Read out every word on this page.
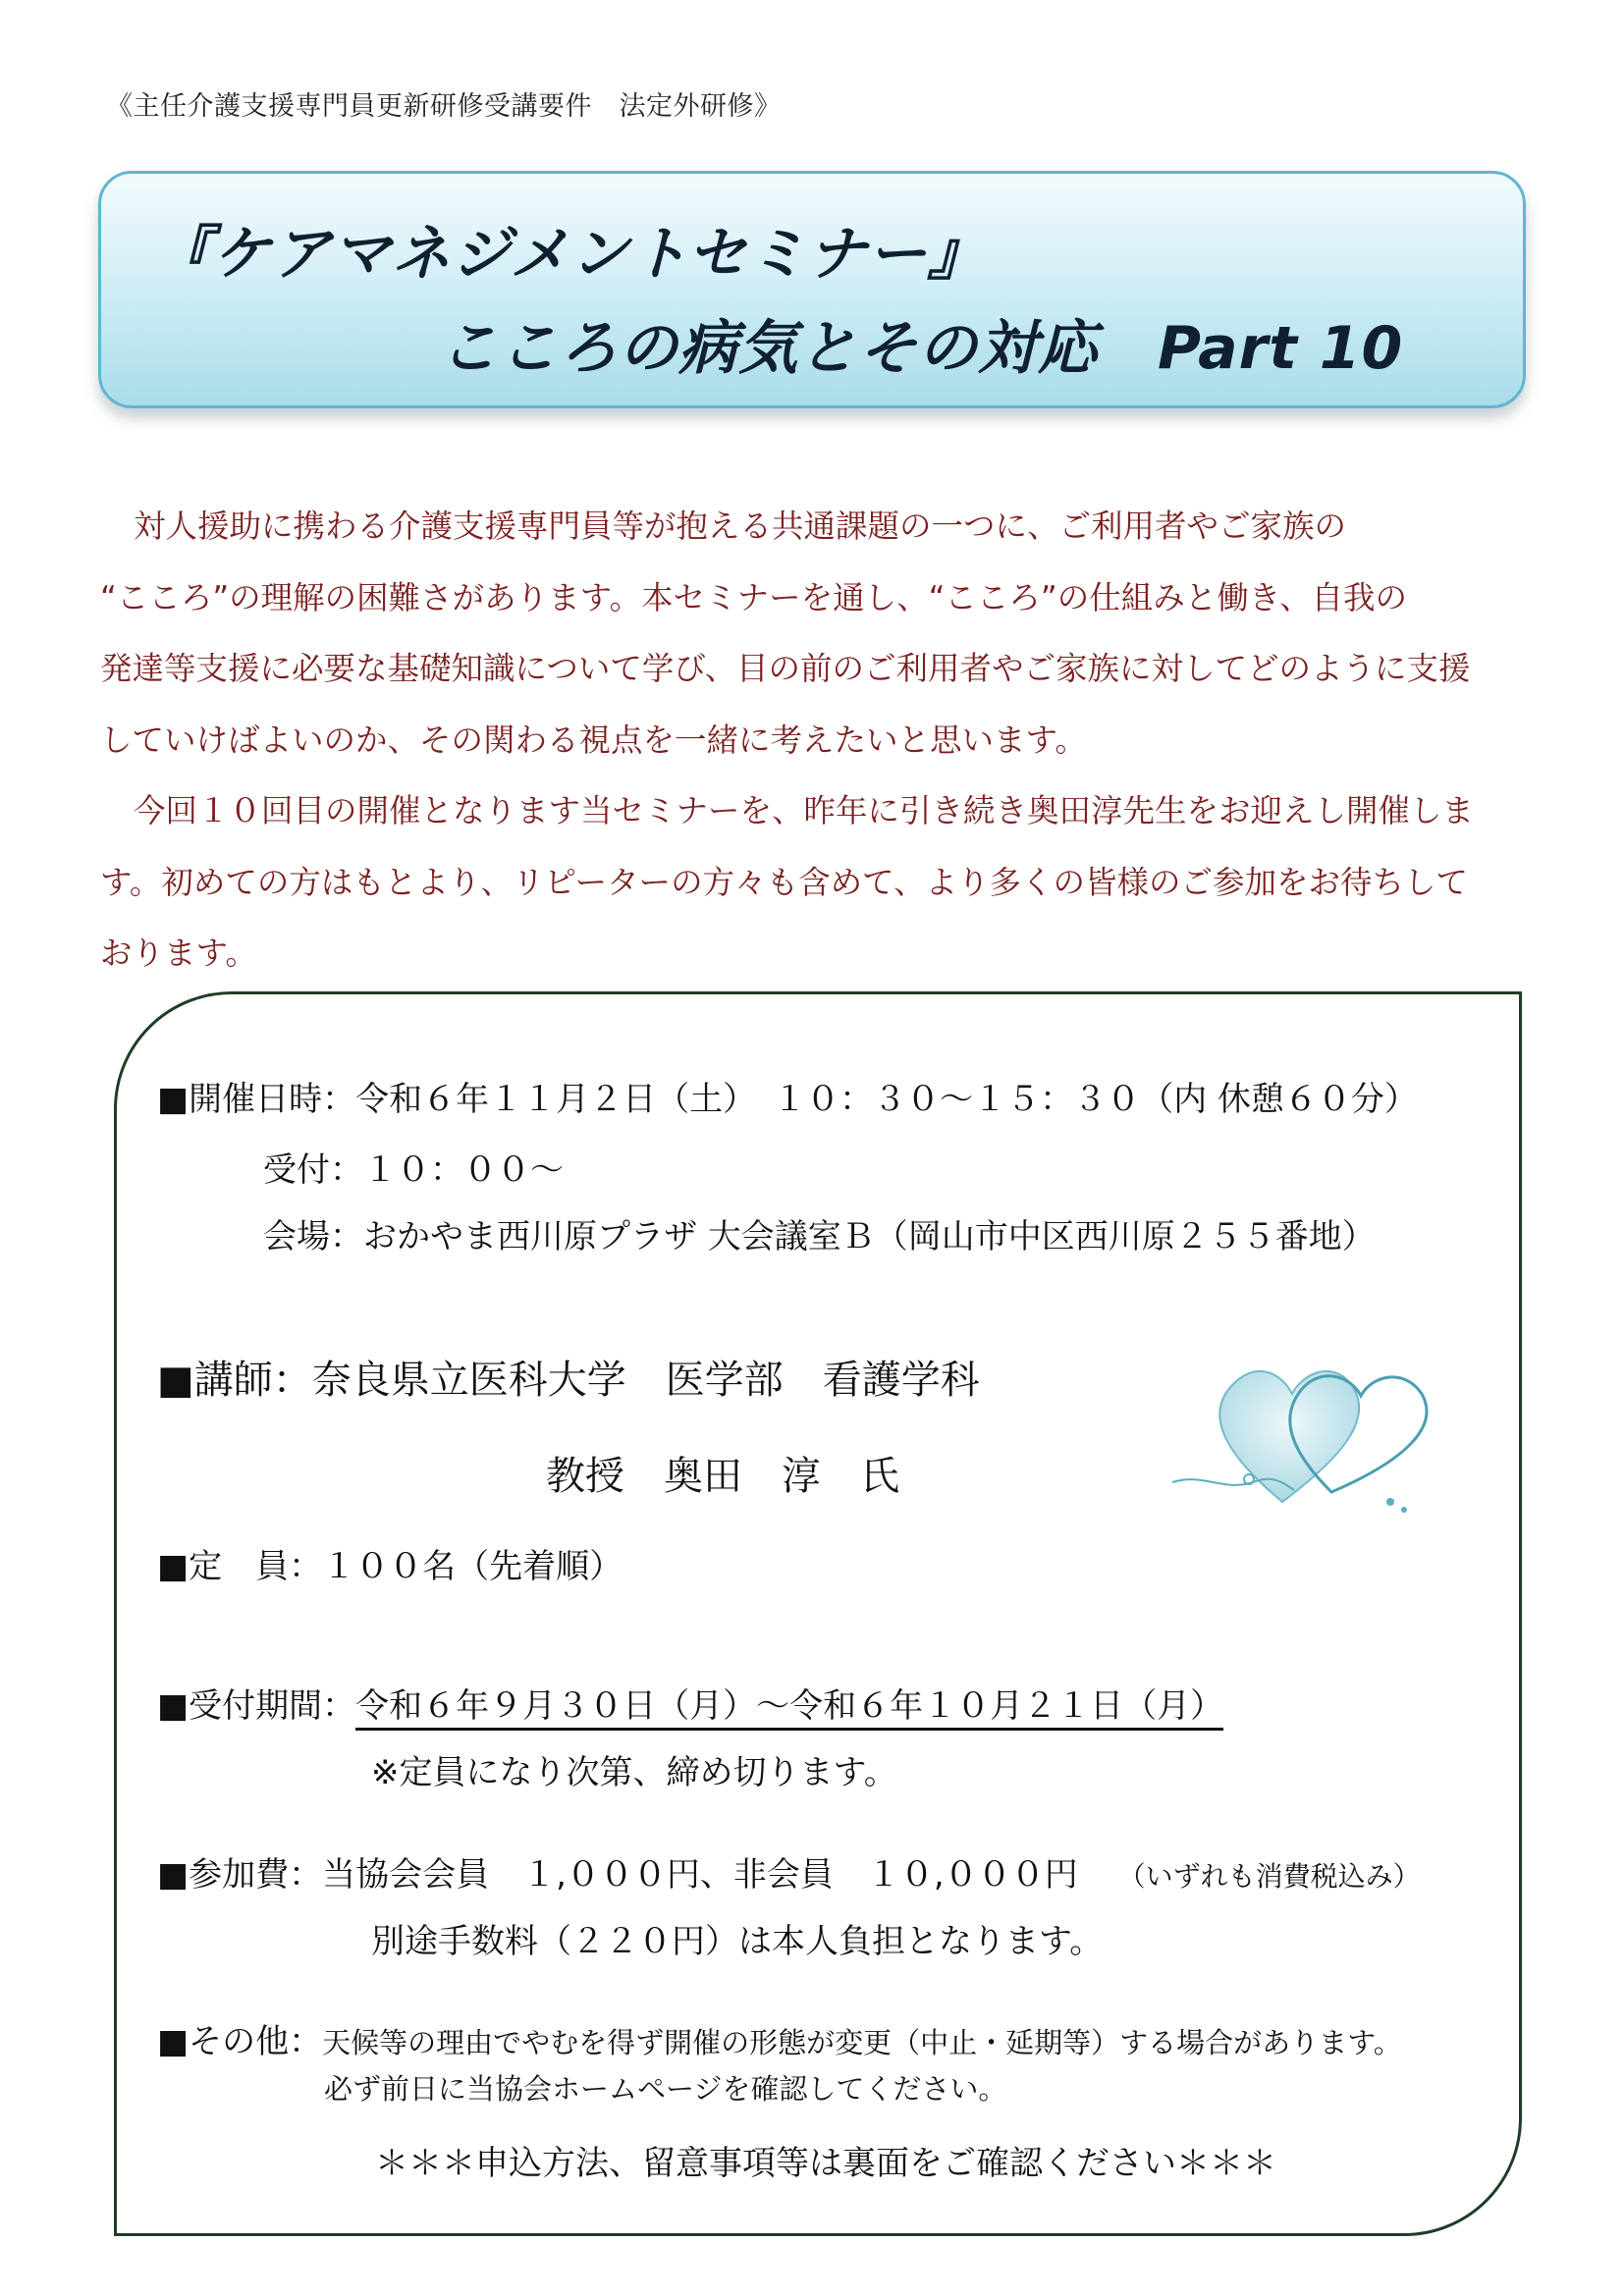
《主任介護支援専門員更新研修受講要件　法定外研修》
『ケアマネジメントセミナー』
こころの病気とその対応　Part 10

対人援助に携わる介護支援専門員等が抱える共通課題の一つに、ご利用者やご家族の

“こころ”の理解の困難さがあります。本セミナーを通し、“こころ”の仕組みと働き、自我の

発達等支援に必要な基礎知識について学び、目の前のご利用者やご家族に対してどのように支援

していけばよいのか、その関わる視点を一緒に考えたいと思います。

今回１０回目の開催となります当セミナーを、昨年に引き続き奥田淳先生をお迎えし開催しま

す。初めての方はもとより、リピーターの方々も含めて、より多くの皆様のご参加をお待ちして

おります。

■開催日時：令和６年１１月２日（土）　１０：３０～１５：３０（内 休憩６０分）
受付：１０：００～
会場：おかやま西川原プラザ 大会議室Ｂ（岡山市中区西川原２５５番地）
■講師：奈良県立医科大学　医学部　看護学科
教授　奥田　淳　氏
■定　員：１００名（先着順）
■受付期間：令和６年９月３０日（月）～令和６年１０月２１日（月）
※定員になり次第、締め切ります。
■参加費：当協会会員　１,０００円、非会員　１０,０００円 （いずれも消費税込み）
別途手数料（２２０円）は本人負担となります。
■その他：天候等の理由でやむを得ず開催の形態が変更（中止・延期等）する場合があります。
必ず前日に当協会ホームページを確認してください。
＊＊＊申込方法、留意事項等は裏面をご確認ください＊＊＊
